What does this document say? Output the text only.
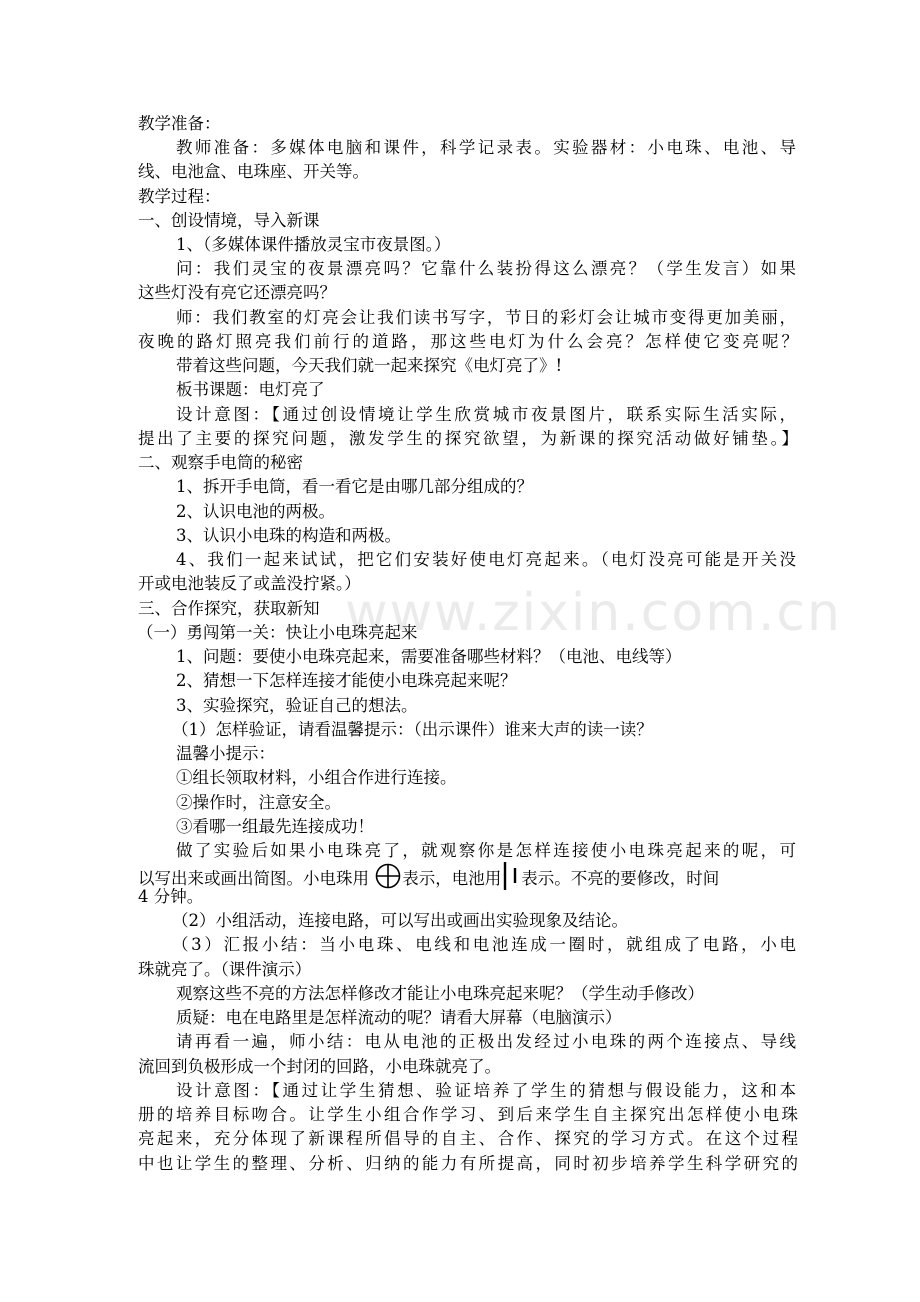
www.zixin.com.cn
教学准备：
教师准备：多媒体电脑和课件，科学记录表。实验器材：小电珠、电池、导
线、电池盒、电珠座、开关等。
教学过程：
一、创设情境，导入新课
1、（多媒体课件播放灵宝市夜景图。）
问：我们灵宝的夜景漂亮吗？它靠什么装扮得这么漂亮？（学生发言）如果
这些灯没有亮它还漂亮吗？
师：我们教室的灯亮会让我们读书写字，节日的彩灯会让城市变得更加美丽，
夜晚的路灯照亮我们前行的道路，那这些电灯为什么会亮？怎样使它变亮呢？
带着这些问题，今天我们就一起来探究《电灯亮了》!
板书课题：电灯亮了
设计意图：【通过创设情境让学生欣赏城市夜景图片，联系实际生活实际，
提出了主要的探究问题，激发学生的探究欲望，为新课的探究活动做好铺垫。】
二、观察手电筒的秘密
1、拆开手电筒，看一看它是由哪几部分组成的？
2、认识电池的两极。
3、认识小电珠的构造和两极。
4、我们一起来试试，把它们安装好使电灯亮起来。（电灯没亮可能是开关没
开或电池装反了或盖没拧紧。）
三、合作探究，获取新知
（一）勇闯第一关：快让小电珠亮起来
1、问题：要使小电珠亮起来，需要准备哪些材料？（电池、电线等）
2、猜想一下怎样连接才能使小电珠亮起来呢？
3、实验探究，验证自己的想法。
（1）怎样验证，请看温馨提示：（出示课件）谁来大声的读一读？
温馨小提示：
①组长领取材料，小组合作进行连接。
②操作时，注意安全。
③看哪一组最先连接成功！
做了实验后如果小电珠亮了，就观察你是怎样连接使小电珠亮起来的呢，可
以写出来或画出简图。小电珠用 表示，电池用 表示。不亮的要修改，时间
4 分钟。
（2）小组活动，连接电路，可以写出或画出实验现象及结论。
（3）汇报小结：当小电珠、电线和电池连成一圈时，就组成了电路，小电
珠就亮了。（课件演示）
观察这些不亮的方法怎样修改才能让小电珠亮起来呢？（学生动手修改）
质疑：电在电路里是怎样流动的呢？请看大屏幕（电脑演示）
请再看一遍，师小结：电从电池的正极出发经过小电珠的两个连接点、导线
流回到负极形成一个封闭的回路，小电珠就亮了。
设计意图：【通过让学生猜想、验证培养了学生的猜想与假设能力，这和本
册的培养目标吻合。让学生小组合作学习、到后来学生自主探究出怎样使小电珠
亮起来，充分体现了新课程所倡导的自主、合作、探究的学习方式。在这个过程
中也让学生的整理、分析、归纳的能力有所提高，同时初步培养学生科学研究的
